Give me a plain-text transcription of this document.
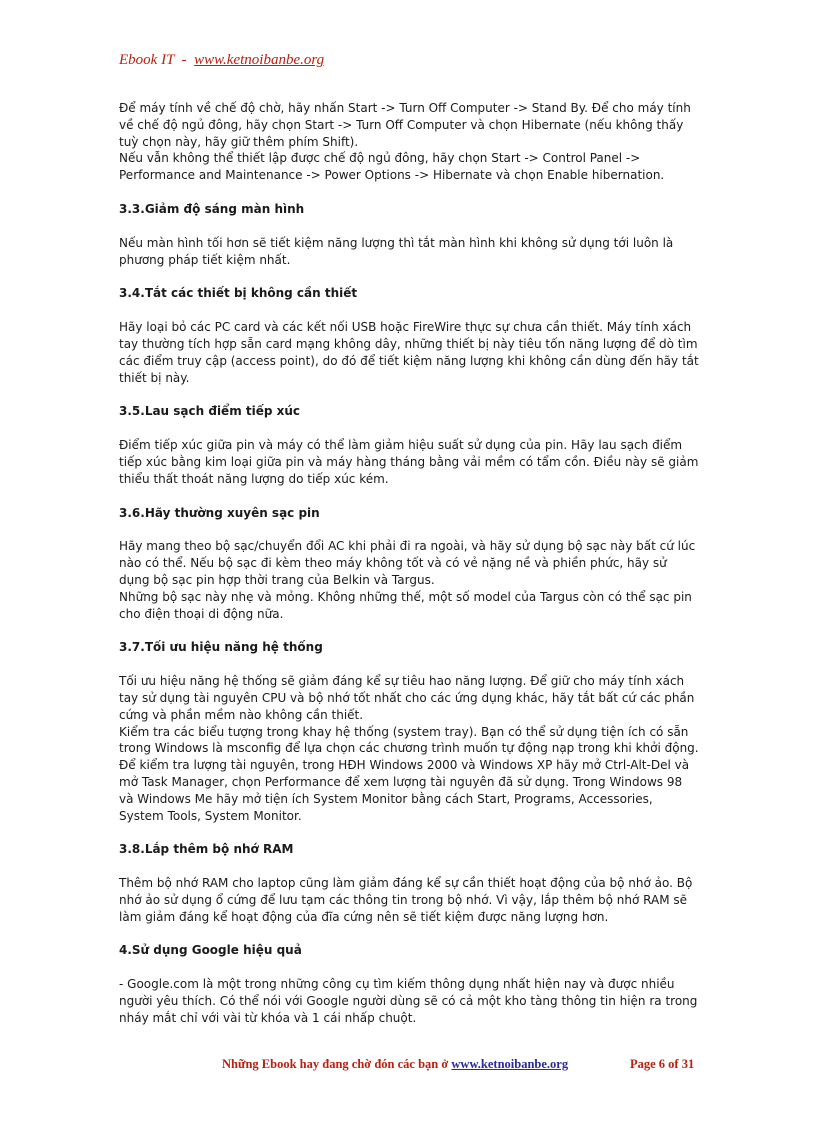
Ebook IT  -  www.ketnoibanbe.org

Để máy tính về chế độ chờ, hãy nhấn Start -> Turn Off Computer -> Stand By. Để cho máy tính về chế độ ngủ đông, hãy chọn Start -> Turn Off Computer và chọn Hibernate (nếu không thấy tuỳ chọn này, hãy giữ thêm phím Shift).

Nếu vẫn không thể thiết lập được chế độ ngủ đông, hãy chọn Start -> Control Panel -> Performance and Maintenance -> Power Options -> Hibernate và chọn Enable hibernation.

3.3.Giảm độ sáng màn hình

Nếu màn hình tối hơn sẽ tiết kiệm năng lượng thì tắt màn hình khi không sử dụng tới luôn là phương pháp tiết kiệm nhất.

3.4.Tắt các thiết bị không cần thiết

Hãy loại bỏ các PC card và các kết nối USB hoặc FireWire thực sự chưa cần thiết. Máy tính xách tay thường tích hợp sẵn card mạng không dây, những thiết bị này tiêu tốn năng lượng để dò tìm các điểm truy cập (access point), do đó để tiết kiệm năng lượng khi không cần dùng đến hãy tắt thiết bị này.

3.5.Lau sạch điểm tiếp xúc

Điểm tiếp xúc giữa pin và máy có thể làm giảm hiệu suất sử dụng của pin. Hãy lau sạch điểm tiếp xúc bằng kim loại giữa pin và máy hàng tháng bằng vải mềm có tẩm cồn. Điều này sẽ giảm thiểu thất thoát năng lượng do tiếp xúc kém.

3.6.Hãy thường xuyên sạc pin

Hãy mang theo bộ sạc/chuyển đổi AC khi phải đi ra ngoài, và hãy sử dụng bộ sạc này bất cứ lúc nào có thể. Nếu bộ sạc đi kèm theo máy không tốt và có vẻ nặng nề và phiền phức, hãy sử dụng bộ sạc pin hợp thời trang của Belkin và Targus.

Những bộ sạc này nhẹ và mỏng. Không những thế, một số model của Targus còn có thể sạc pin cho điện thoại di động nữa.

3.7.Tối ưu hiệu năng hệ thống

Tối ưu hiệu năng hệ thống sẽ giảm đáng kể sự tiêu hao năng lượng. Để giữ cho máy tính xách tay sử dụng tài nguyên CPU và bộ nhớ tốt nhất cho các ứng dụng khác, hãy tắt bất cứ các phần cứng và phần mềm nào không cần thiết.

Kiểm tra các biểu tượng trong khay hệ thống (system tray). Bạn có thể sử dụng tiện ích có sẵn trong Windows là msconfig để lựa chọn các chương trình muốn tự động nạp trong khi khởi động.

Để kiểm tra lượng tài nguyên, trong HĐH Windows 2000 và Windows XP hãy mở Ctrl-Alt-Del và mở Task Manager, chọn Performance để xem lượng tài nguyên đã sử dụng. Trong Windows 98 và Windows Me hãy mở tiện ích System Monitor bằng cách Start, Programs, Accessories, System Tools, System Monitor.

3.8.Lắp thêm bộ nhớ RAM

Thêm bộ nhớ RAM cho laptop cũng làm giảm đáng kể sự cần thiết hoạt động của bộ nhớ ảo. Bộ nhớ ảo sử dụng ổ cứng để lưu tạm các thông tin trong bộ nhớ. Vì vậy, lắp thêm bộ nhớ RAM sẽ làm giảm đáng kể hoạt động của đĩa cứng nên sẽ tiết kiệm được năng lượng hơn.

4.Sử dụng Google hiệu quả

- Google.com là một trong những công cụ tìm kiếm thông dụng nhất hiện nay và được nhiều người yêu thích. Có thể nói với Google người dùng sẽ có cả một kho tàng thông tin hiện ra trong nháy mắt chỉ với vài từ khóa và 1 cái nhấp chuột.

Những Ebook hay đang chờ đón các bạn ở www.ketnoibanbe.org	Page 6 of 31
